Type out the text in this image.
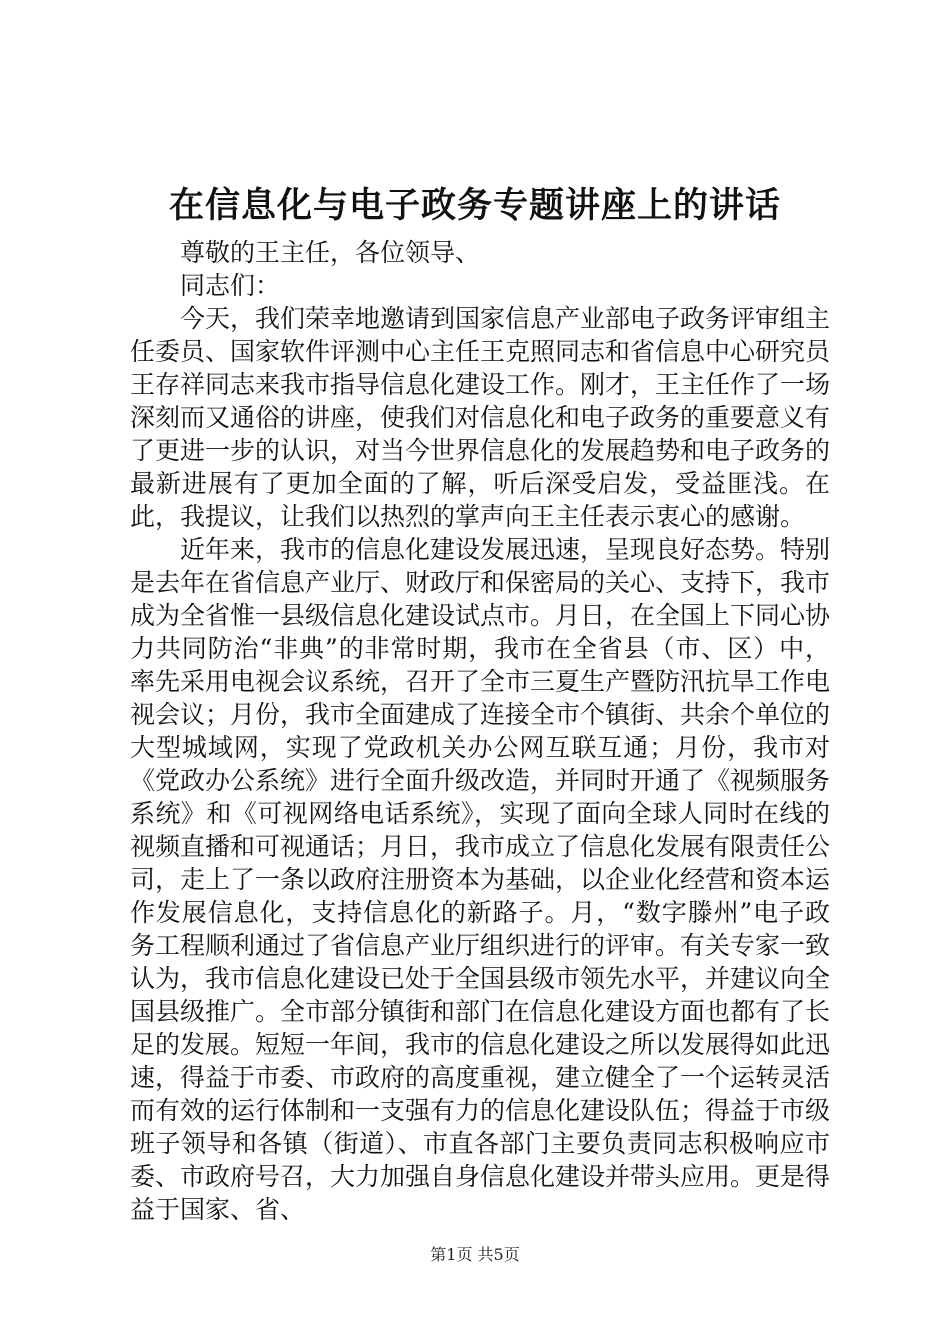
在信息化与电子政务专题讲座上的讲话

尊敬的王主任，各位领导、

同志们：

今天，我们荣幸地邀请到国家信息产业部电子政务评审组主任委员、国家软件评测中心主任王克照同志和省信息中心研究员王存祥同志来我市指导信息化建设工作。刚才，王主任作了一场深刻而又通俗的讲座，使我们对信息化和电子政务的重要意义有了更进一步的认识，对当今世界信息化的发展趋势和电子政务的最新进展有了更加全面的了解，听后深受启发，受益匪浅。在此，我提议，让我们以热烈的掌声向王主任表示衷心的感谢。

近年来，我市的信息化建设发展迅速，呈现良好态势。特别是去年在省信息产业厅、财政厅和保密局的关心、支持下，我市成为全省惟一县级信息化建设试点市。月日，在全国上下同心协力共同防治“非典”的非常时期，我市在全省县（市、区）中，率先采用电视会议系统，召开了全市三夏生产暨防汛抗旱工作电视会议；月份，我市全面建成了连接全市个镇街、共余个单位的大型城域网，实现了党政机关办公网互联互通；月份，我市对《党政办公系统》进行全面升级改造，并同时开通了《视频服务系统》和《可视网络电话系统》，实现了面向全球人同时在线的视频直播和可视通话；月日，我市成立了信息化发展有限责任公司，走上了一条以政府注册资本为基础，以企业化经营和资本运作发展信息化，支持信息化的新路子。月，“数字滕州”电子政务工程顺利通过了省信息产业厅组织进行的评审。有关专家一致认为，我市信息化建设已处于全国县级市领先水平，并建议向全国县级推广。全市部分镇街和部门在信息化建设方面也都有了长足的发展。短短一年间，我市的信息化建设之所以发展得如此迅速，得益于市委、市政府的高度重视，建立健全了一个运转灵活而有效的运行体制和一支强有力的信息化建设队伍；得益于市级班子领导和各镇（街道）、市直各部门主要负责同志积极响应市委、市政府号召，大力加强自身信息化建设并带头应用。更是得益于国家、省、

第1页 共5页
